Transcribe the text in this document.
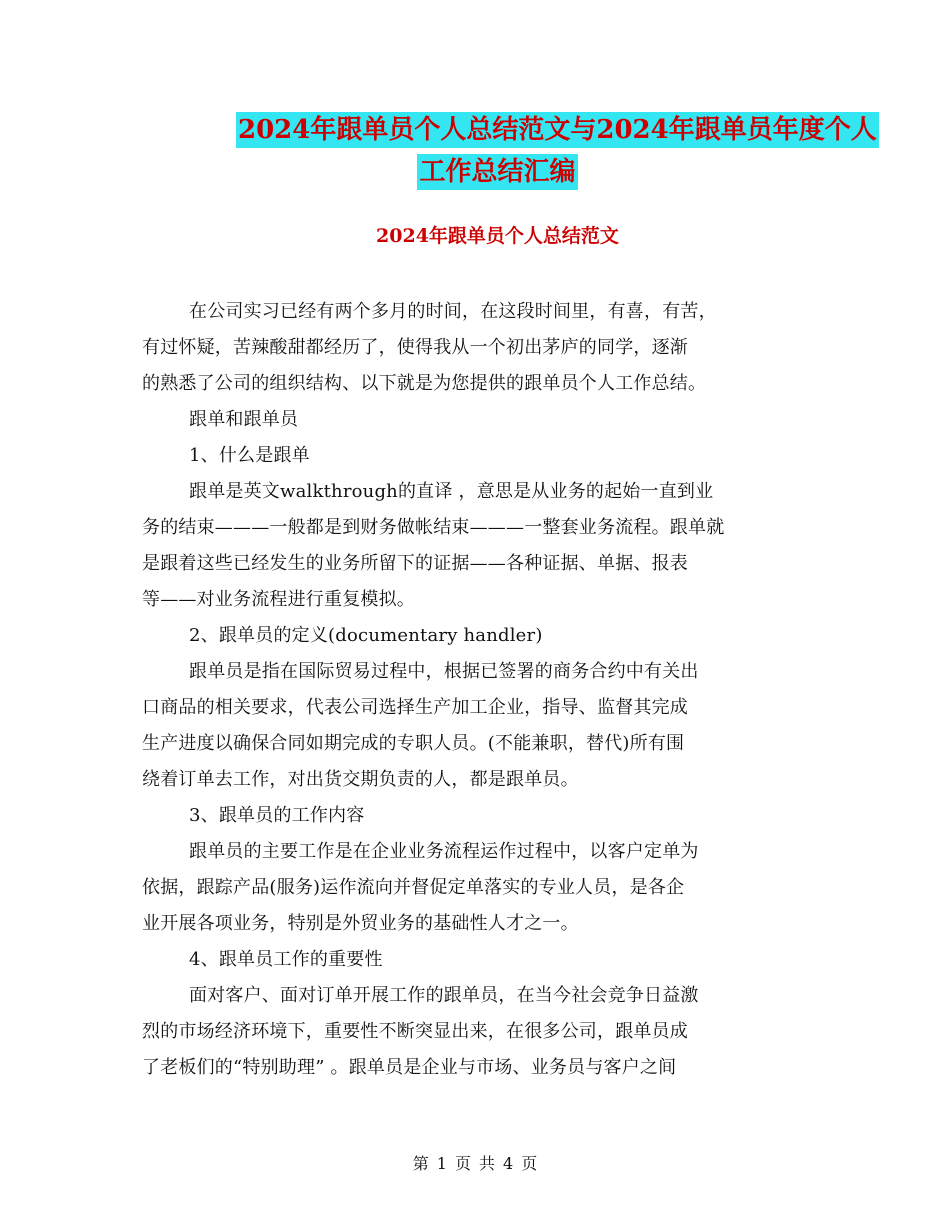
2024年跟单员个人总结范文与2024年跟单员年度个人
工作总结汇编
2024年跟单员个人总结范文
在公司实习已经有两个多月的时间，在这段时间里，有喜，有苦，
有过怀疑，苦辣酸甜都经历了，使得我从一个初出茅庐的同学，逐渐
的熟悉了公司的组织结构、以下就是为您提供的跟单员个人工作总结。
跟单和跟单员
1、什么是跟单
跟单是英文walkthrough的直译 ，意思是从业务的起始一直到业
务的结束———一般都是到财务做帐结束———一整套业务流程。跟单就
是跟着这些已经发生的业务所留下的证据——各种证据、单据、报表
等——对业务流程进行重复模拟。
2、跟单员的定义(documentary handler)
跟单员是指在国际贸易过程中，根据已签署的商务合约中有关出
口商品的相关要求，代表公司选择生产加工企业，指导、监督其完成
生产进度以确保合同如期完成的专职人员。(不能兼职，替代)所有围
绕着订单去工作，对出货交期负责的人，都是跟单员。
3、跟单员的工作内容
跟单员的主要工作是在企业业务流程运作过程中，以客户定单为
依据，跟踪产品(服务)运作流向并督促定单落实的专业人员，是各企
业开展各项业务，特别是外贸业务的基础性人才之一。
4、跟单员工作的重要性
面对客户、面对订单开展工作的跟单员，在当今社会竞争日益激
烈的市场经济环境下，重要性不断突显出来，在很多公司，跟单员成
了老板们的“特别助理” 。跟单员是企业与市场、业务员与客户之间
第 1 页 共 4 页
